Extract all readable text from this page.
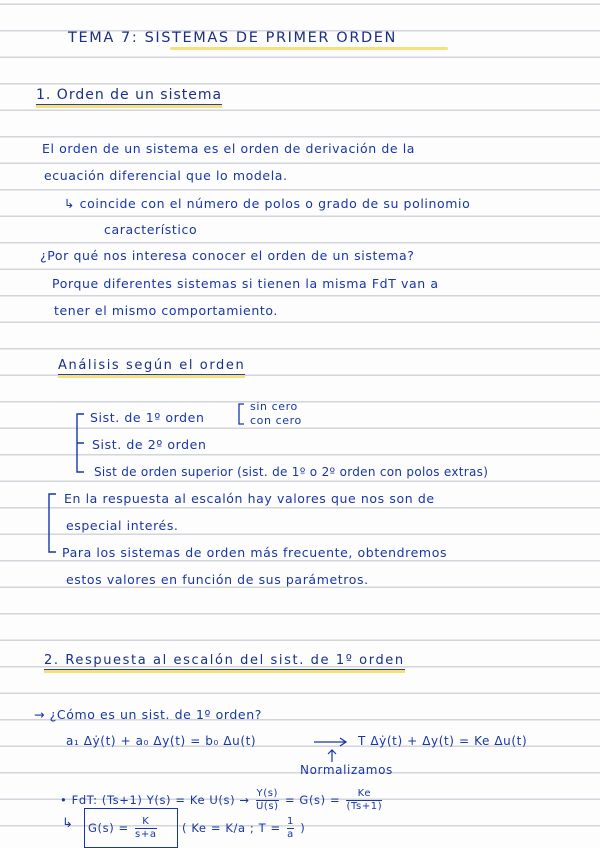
TEMA 7: SISTEMAS DE PRIMER ORDEN
1. Orden de un sistema
El orden de un sistema es el orden de derivación de la
ecuación diferencial que lo modela.
↳ coincide con el número de polos o grado de su polinomio
característico
¿Por qué nos interesa conocer el orden de un sistema?
Porque diferentes sistemas si tienen la misma FdT van a
tener el mismo comportamiento.
Análisis según el orden
Sist. de 1º orden
sin cero
con cero
Sist. de 2º orden
Sist de orden superior (sist. de 1º o 2º orden con polos extras)
En la respuesta al escalón hay valores que nos son de
especial interés.
Para los sistemas de orden más frecuente, obtendremos
estos valores en función de sus parámetros.
2. Respuesta al escalón del sist. de 1º orden
→ ¿Cómo es un sist. de 1º orden?
a₁ Δẏ(t) + a₀ Δy(t) = b₀ Δu(t)	T Δẏ(t) + Δy(t) = Ke Δu(t)
Normalizamos
• FdT: (Ts+1) Y(s) = Ke $U(s) \to \frac{Y(s)}{U(s)} = G(s) = \frac{Ke}{(Ts+1)}$
↳ $G(s) = \frac{K}{s+a}$ ( Ke = K/a ; $T = \frac{1}{a}$ )
